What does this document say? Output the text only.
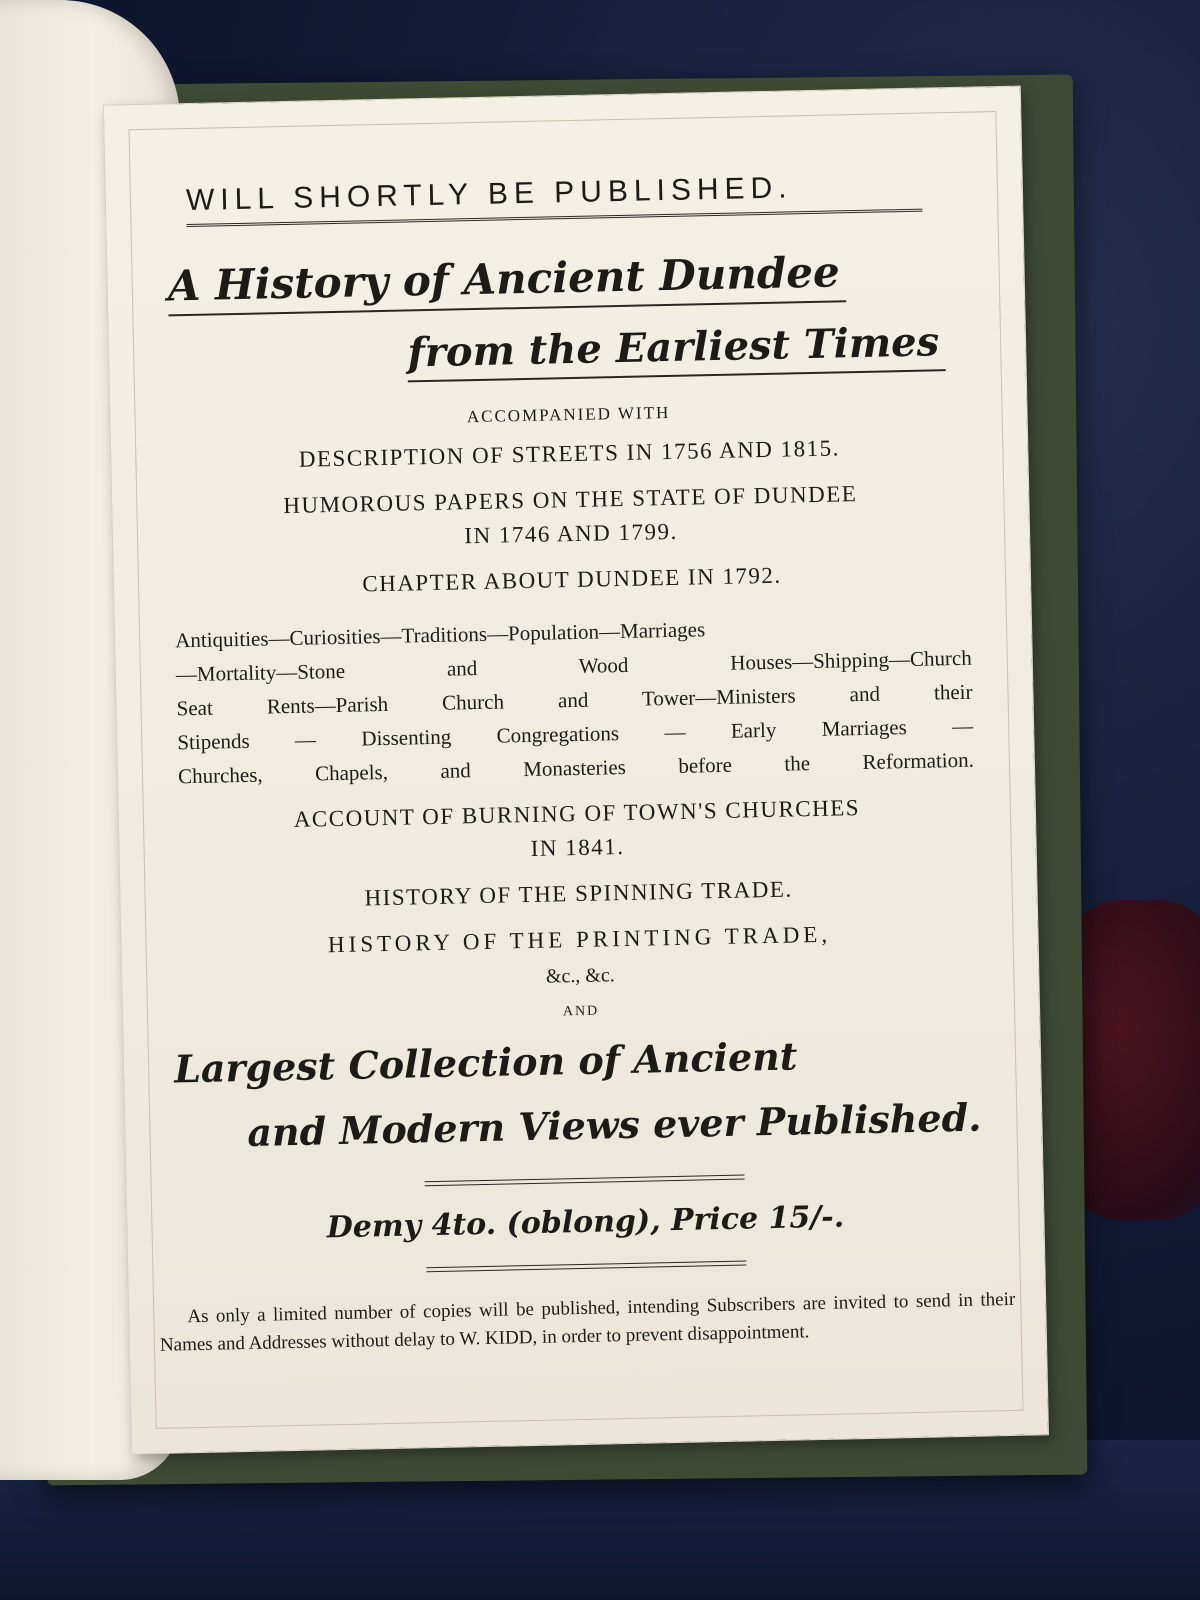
WILL SHORTLY BE PUBLISHED.
A History of Ancient Dundee
from the Earliest Times
ACCOMPANIED WITH
DESCRIPTION OF STREETS IN 1756 AND 1815.
HUMOROUS PAPERS ON THE STATE OF DUNDEE
IN 1746 AND 1799.
CHAPTER ABOUT DUNDEE IN 1792.
Antiquities—Curiosities—Traditions—Population—Marriages
—Mortality—Stone and Wood Houses—Shipping—Church
Seat Rents—Parish Church and Tower—Ministers and their
Stipends — Dissenting Congregations — Early Marriages —
Churches, Chapels, and Monasteries before the Reformation.
ACCOUNT OF BURNING OF TOWN'S CHURCHES
IN 1841.
HISTORY OF THE SPINNING TRADE.
HISTORY OF THE PRINTING TRADE,
&c., &c.
AND
Largest Collection of Ancient
and Modern Views ever Published.
Demy 4to. (oblong), Price 15/-.
As only a limited number of copies will be published, intending Subscribers are invited to send in their Names and Addresses without delay to W. KIDD, in order to prevent disappointment.
